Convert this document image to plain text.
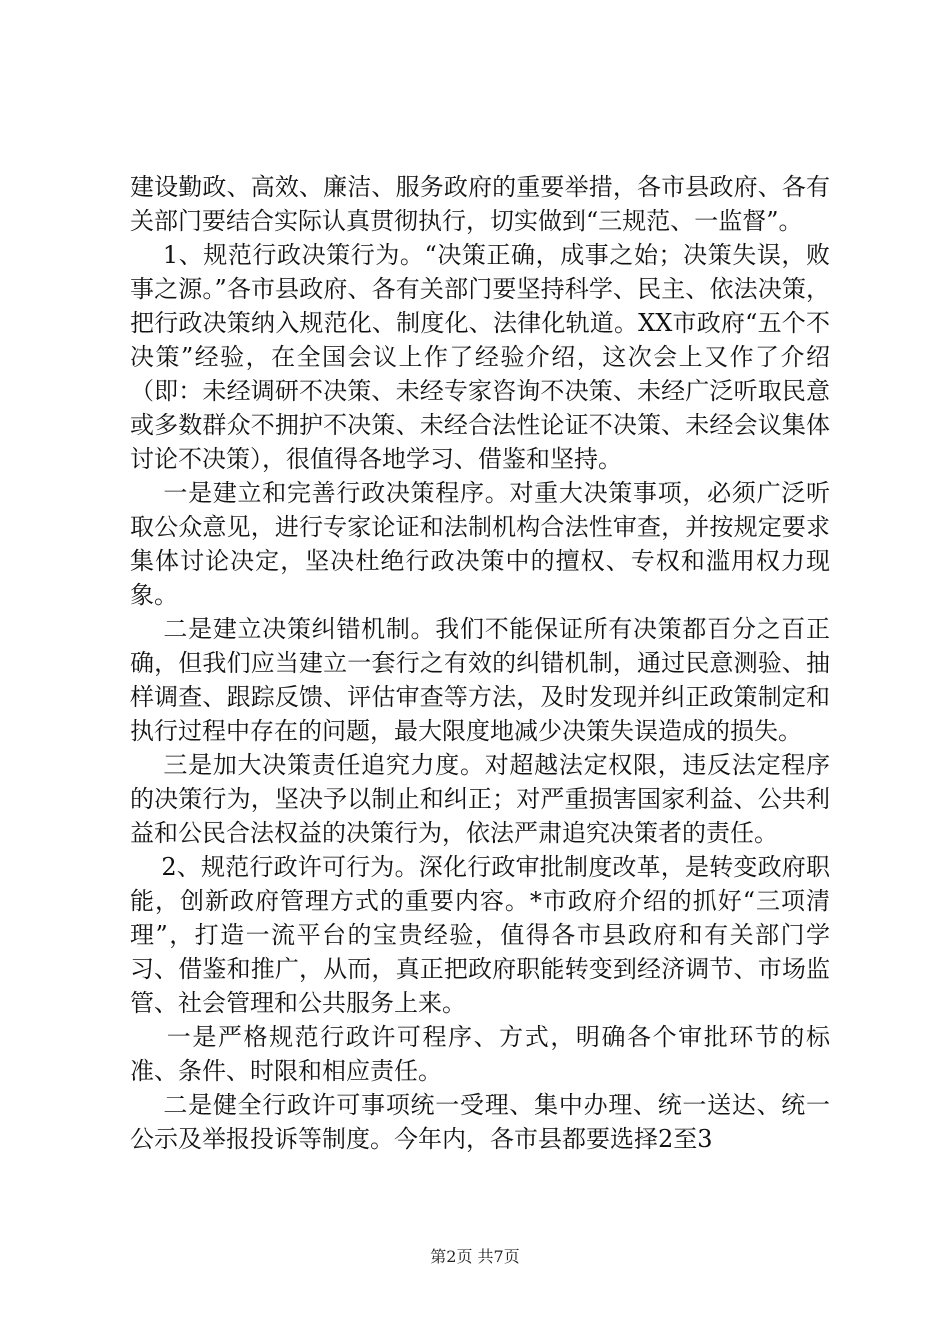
建设勤政、高效、廉洁、服务政府的重要举措，各市县政府、各有关部门要结合实际认真贯彻执行，切实做到“三规范、一监督”。

1、规范行政决策行为。“决策正确，成事之始；决策失误，败事之源。”各市县政府、各有关部门要坚持科学、民主、依法决策，把行政决策纳入规范化、制度化、法律化轨道。XX市政府“五个不决策”经验，在全国会议上作了经验介绍，这次会上又作了介绍（即：未经调研不决策、未经专家咨询不决策、未经广泛听取民意或多数群众不拥护不决策、未经合法性论证不决策、未经会议集体讨论不决策），很值得各地学习、借鉴和坚持。

一是建立和完善行政决策程序。对重大决策事项，必须广泛听取公众意见，进行专家论证和法制机构合法性审查，并按规定要求集体讨论决定，坚决杜绝行政决策中的擅权、专权和滥用权力现象。

二是建立决策纠错机制。我们不能保证所有决策都百分之百正确，但我们应当建立一套行之有效的纠错机制，通过民意测验、抽样调查、跟踪反馈、评估审查等方法，及时发现并纠正政策制定和执行过程中存在的问题，最大限度地减少决策失误造成的损失。

三是加大决策责任追究力度。对超越法定权限，违反法定程序的决策行为，坚决予以制止和纠正；对严重损害国家利益、公共利益和公民合法权益的决策行为，依法严肃追究决策者的责任。

2、规范行政许可行为。深化行政审批制度改革，是转变政府职能，创新政府管理方式的重要内容。*市政府介绍的抓好“三项清理”，打造一流平台的宝贵经验，值得各市县政府和有关部门学习、借鉴和推广，从而，真正把政府职能转变到经济调节、市场监管、社会管理和公共服务上来。

一是严格规范行政许可程序、方式，明确各个审批环节的标准、条件、时限和相应责任。

二是健全行政许可事项统一受理、集中办理、统一送达、统一公示及举报投诉等制度。今年内，各市县都要选择2至3

第2页 共7页
